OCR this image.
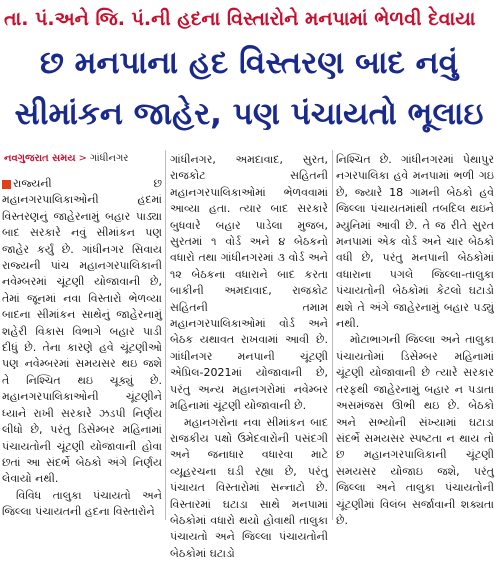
તા. પં.અને જિ. પં.ની હદના વિસ્તારોને મનપામાં ભેળવી દેવાયા
છ મનપાના હદ વિસ્તરણ બાદ નવું
સીમાંકન જાહેર, પણ પંચાયતો ભૂલાઇ
નવગુજરાત સમય > ગાંધીનગર

રાજ્યની છ મહાનગરપાલિકાઓની હદમાં વિસ્તરણનું જાહેરનામું બહાર પાડ્યા બાદ સરકારે નવું સીમાંકન પણ જાહેર કર્યું છે. ગાંધીનગર સિવાય રાજ્યની પાંચ મહાનગરપાલિકાની નવેમ્બરમાં ચૂંટણી યોજાવાની છે, તેમાં જૂનમાં નવા વિસ્તારો ભેળવ્યા બાદના સીમાંકન સાથેનું જાહેરનામું શહેરી વિકાસ વિભાગે બહાર પાડી દીધું છે. તેના કારણે હવે ચૂંટણીઓ પણ નવેમ્બરમાં સમયસર થઇ જશે તે નિશ્ચિત થઇ ચૂક્યું છે. મહાનગરપાલિકાઓની ચૂંટણીને ધ્યાને રાખી સરકારે ઝડપી નિર્ણય લીધો છે, પરંતુ ડિસેમ્બર મહિનામાં પંચાયતોની ચૂંટણી યોજાવાની હોવા છતાં આ સંદર્ભે બેઠકો અંગે નિર્ણય લેવાયો નથી.

વિવિધ તાલુકા પંચાયતો અને જિલ્લા પંચાયતની હદના વિસ્તારોને

ગાંધીનગર, અમદાવાદ, સુરત, રાજકોટ સહિતની મહાનગરપાલિકાઓમાં ભેળવવામાં આવ્યા હતા. ત્યાર બાદ સરકારે બુધવારે બહાર પાડેલા મુજબ, સુરતમાં ૧ વોર્ડ અને ૪ બેઠકનો વધારો તથા ગાંધીનગરમાં ૩ વોર્ડ અને ૧૨ બેઠકના વધારાને બાદ કરતા બાકીની અમદાવાદ, રાજકોટ સહિતની તમામ મહાનગરપાલિકાઓમાં વોર્ડ અને બેઠક યથાવત રાખવામાં આવી છે. ગાંધીનગર મનપાની ચૂંટણી એપ્રિલ-2021માં યોજાવાની છે, પરંતુ અન્ય મહાનગરોમાં નવેમ્બર મહિનામાં ચૂંટણી યોજાવાની છે.

મહાનગરોના નવા સીમાંકન બાદ રાજકીય પક્ષો ઉમેદવારોની પસંદગી અને જનાધાર વધારવા માટે વ્યૂહરચના ઘડી રહ્યા છે, પરંતુ પંચાયત વિસ્તારોમાં સન્નાટો છે. વિસ્તારમાં ઘટાડા સાથે મનપામાં બેઠકોમાં વધારો થયો હોવાથી તાલુકા પંચાયતો અને જિલ્લા પંચાયતોની બેઠકોમાં ઘટાડો

નિશ્ચિત છે. ગાંધીનગરમાં પેથાપુર નગરપાલિકા હવે મનપામાં ભળી ગઇ છે, જ્યારે 18 ગામની બેઠકો હવે જિલ્લા પંચાયતમાંથી તબદિલ થઇને મ્યુનિમાં આવી છે. તે જ રીતે સુરત મનપામાં એક વોર્ડ અને ચાર બેઠકો વધી છે, પરંતુ મનપાની બેઠકોમાં વધારાના પગલે જિલ્લા-તાલુકા પંચાયતોની બેઠકોમાં કેટલો ઘટાડો થશે તે અંગે જાહેરનામું બહાર પડ્યું નથી.

મોટાભાગની જિલ્લા અને તાલુકા પંચાયતોમાં ડિસેમ્બર મહિનામાં ચૂંટણી યોજાવાની છે ત્યારે સરકાર તરફથી જાહેરનામું બહાર ન પડાતા અસમંજસ ઊભી થઇ છે. બેઠકો અને સભ્યોની સંખ્યામાં ઘટાડા સંદર્ભે સમયસર સ્પષ્ટતા ન થાય તો છ મહાનગરપાલિકાની ચૂંટણી સમયસર યોજાઇ જશે, પરંતુ જિલ્લા અને તાલુકા પંચાયતોની ચૂંટણીમાં વિલંબ સર્જાવાની શક્યતા છે.
